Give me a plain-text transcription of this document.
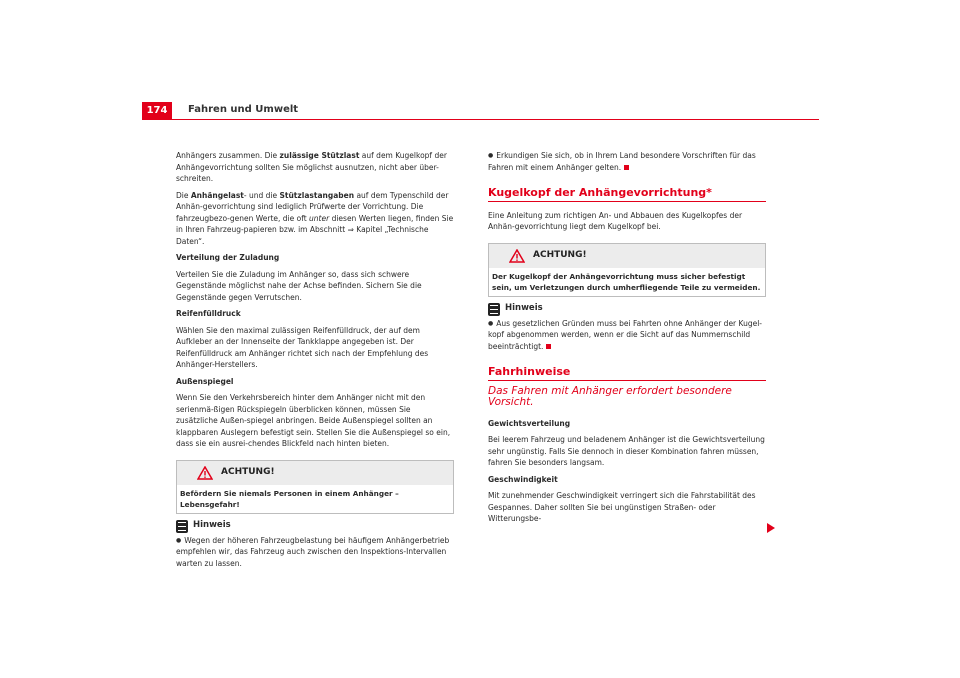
174	Fahren und Umwelt

Anhängers zusammen. Die zulässige Stützlast auf dem Kugelkopf der Anhängevorrichtung sollten Sie möglichst ausnutzen, nicht aber über-schreiten.

Die Anhängelast- und die Stützlastangaben auf dem Typenschild der Anhän-gevorrichtung sind lediglich Prüfwerte der Vorrichtung. Die fahrzeugbezo-genen Werte, die oft unter diesen Werten liegen, finden Sie in Ihren Fahrzeug-papieren bzw. im Abschnitt ⇒ Kapitel „Technische Daten“.

Verteilung der Zuladung

Verteilen Sie die Zuladung im Anhänger so, dass sich schwere Gegenstände möglichst nahe der Achse befinden. Sichern Sie die Gegenstände gegen Verrutschen.

Reifenfülldruck

Wählen Sie den maximal zulässigen Reifenfülldruck, der auf dem Aufkleber an der Innenseite der Tankklappe angegeben ist. Der Reifenfülldruck am Anhänger richtet sich nach der Empfehlung des Anhänger-Herstellers.

Außenspiegel

Wenn Sie den Verkehrsbereich hinter dem Anhänger nicht mit den serienmä-ßigen Rückspiegeln überblicken können, müssen Sie zusätzliche Außen-spiegel anbringen. Beide Außenspiegel sollten an klappbaren Auslegern befestigt sein. Stellen Sie die Außenspiegel so ein, dass sie ein ausrei-chendes Blickfeld nach hinten bieten.

ACHTUNG!
Befördern Sie niemals Personen in einem Anhänger – Lebensgefahr!
Hinweis

● Wegen der höheren Fahrzeugbelastung bei häufigem Anhängerbetrieb empfehlen wir, das Fahrzeug auch zwischen den Inspektions-Intervallen warten zu lassen.

● Erkundigen Sie sich, ob in Ihrem Land besondere Vorschriften für das Fahren mit einem Anhänger gelten.

Kugelkopf der Anhängevorrichtung*

Eine Anleitung zum richtigen An- und Abbauen des Kugelkopfes der Anhän-gevorrichtung liegt dem Kugelkopf bei.

ACHTUNG!
Der Kugelkopf der Anhängevorrichtung muss sicher befestigt sein, um Verletzungen durch umherfliegende Teile zu vermeiden.
Hinweis

● Aus gesetzlichen Gründen muss bei Fahrten ohne Anhänger der Kugel-kopf abgenommen werden, wenn er die Sicht auf das Nummernschild beeinträchtigt.

Fahrhinweise
Das Fahren mit Anhänger erfordert besondere Vorsicht.

Gewichtsverteilung

Bei leerem Fahrzeug und beladenem Anhänger ist die Gewichtsverteilung sehr ungünstig. Falls Sie dennoch in dieser Kombination fahren müssen, fahren Sie besonders langsam.

Geschwindigkeit

Mit zunehmender Geschwindigkeit verringert sich die Fahrstabilität des Gespannes. Daher sollten Sie bei ungünstigen Straßen- oder Witterungsbe-
